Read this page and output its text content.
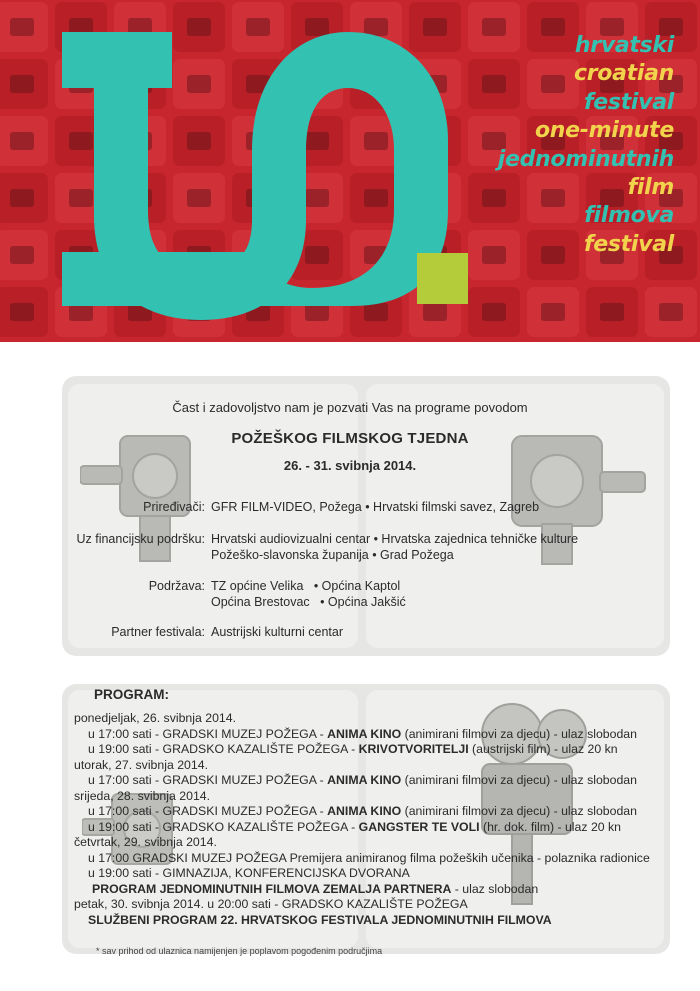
hrvatski
croatian
festival
one-minute
jednominutnih
film
filmova
festival
Čast i zadovoljstvo nam je pozvati Vas na programe povodom
POŽEŠKOG FILMSKOG TJEDNA
26. - 31. svibnja 2014.
Priređivači: GFR FILM-VIDEO, Požega • Hrvatski filmski savez, Zagreb
Uz financijsku podršku: Hrvatski audiovizualni centar • Hrvatska zajednica tehničke kulture
Požeško-slavonska županija • Grad Požega
Podržava: TZ općine Velika   • Općina Kaptol
Općina Brestovac   • Općina Jakšić
Partner festivala: Austrijski kulturni centar
PROGRAM:
ponedjeljak, 26. svibnja 2014.
u 17:00 sati - GRADSKI MUZEJ POŽEGA - ANIMA KINO (animirani filmovi za djecu) - ulaz slobodan
u 19:00 sati - GRADSKO KAZALIŠTE POŽEGA - KRIVOTVORITELJI (austrijski film) - ulaz 20 kn
utorak, 27. svibnja 2014.
u 17:00 sati - GRADSKI MUZEJ POŽEGA - ANIMA KINO (animirani filmovi za djecu) - ulaz slobodan
srijeda, 28. svibnja 2014.
u 17:00 sati - GRADSKI MUZEJ POŽEGA - ANIMA KINO (animirani filmovi za djecu) - ulaz slobodan
u 19:00 sati - GRADSKO KAZALIŠTE POŽEGA - GANGSTER TE VOLI (hr. dok. film) - ulaz 20 kn
četvrtak, 29. svibnja 2014.
u 17:00 GRADSKI MUZEJ POŽEGA Premijera animiranog filma požeških učenika - polaznika radionice
u 19:00 sati - GIMNAZIJA, KONFERENCIJSKA DVORANA
PROGRAM JEDNOMINUTNIH FILMOVA ZEMALJA PARTNERA - ulaz slobodan
petak, 30. svibnja 2014. u 20:00 sati - GRADSKO KAZALIŠTE POŽEGA
SLUŽBENI PROGRAM 22. HRVATSKOG FESTIVALA JEDNOMINUTNIH FILMOVA
* sav prihod od ulaznica namijenjen je poplavom pogođenim područjima
